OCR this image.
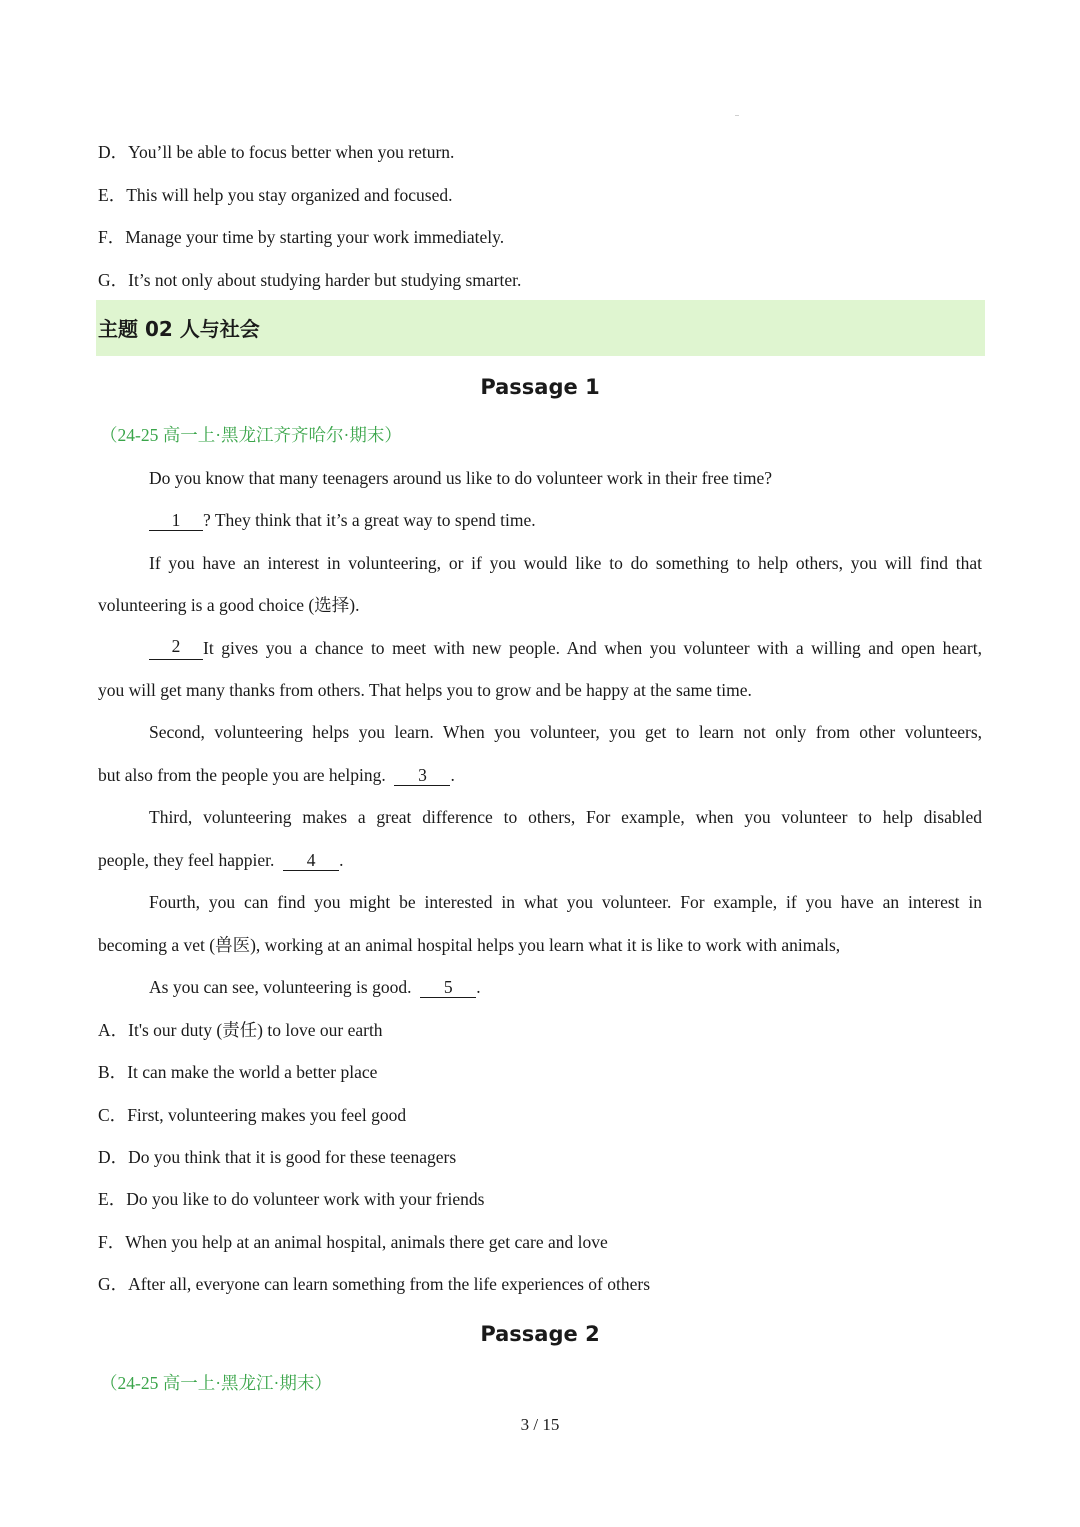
D．You’ll be able to focus better when you return.
E．This will help you stay organized and focused.
F．Manage your time by starting your work immediately.
G．It’s not only about studying harder but studying smarter.
主题 02 人与社会
Passage 1
（24-25 高一上·黑龙江齐齐哈尔·期末）
Do you know that many teenagers around us like to do volunteer work in their free time?
1 ? They think that it’s a great way to spend time.
If you have an interest in volunteering, or if you would like to do something to help others, you will find that
volunteering is a good choice (选择).
2	It gives you a chance to meet with new people. And when you volunteer with a willing and open heart,
you will get many thanks from others. That helps you to grow and be happy at the same time.
Second, volunteering helps you learn. When you volunteer, you get to learn not only from other volunteers,
but also from the people you are helping. 3 .
Third, volunteering makes a great difference to others, For example, when you volunteer to help disabled
people, they feel happier. 4 .
Fourth, you can find you might be interested in what you volunteer. For example, if you have an interest in
becoming a vet (兽医), working at an animal hospital helps you learn what it is like to work with animals,
As you can see, volunteering is good. 5 .
A．It's our duty (责任) to love our earth
B．It can make the world a better place
C．First, volunteering makes you feel good
D．Do you think that it is good for these teenagers
E．Do you like to do volunteer work with your friends
F．When you help at an animal hospital, animals there get care and love
G．After all, everyone can learn something from the life experiences of others
Passage 2
（24-25 高一上·黑龙江·期末）
3 / 15
